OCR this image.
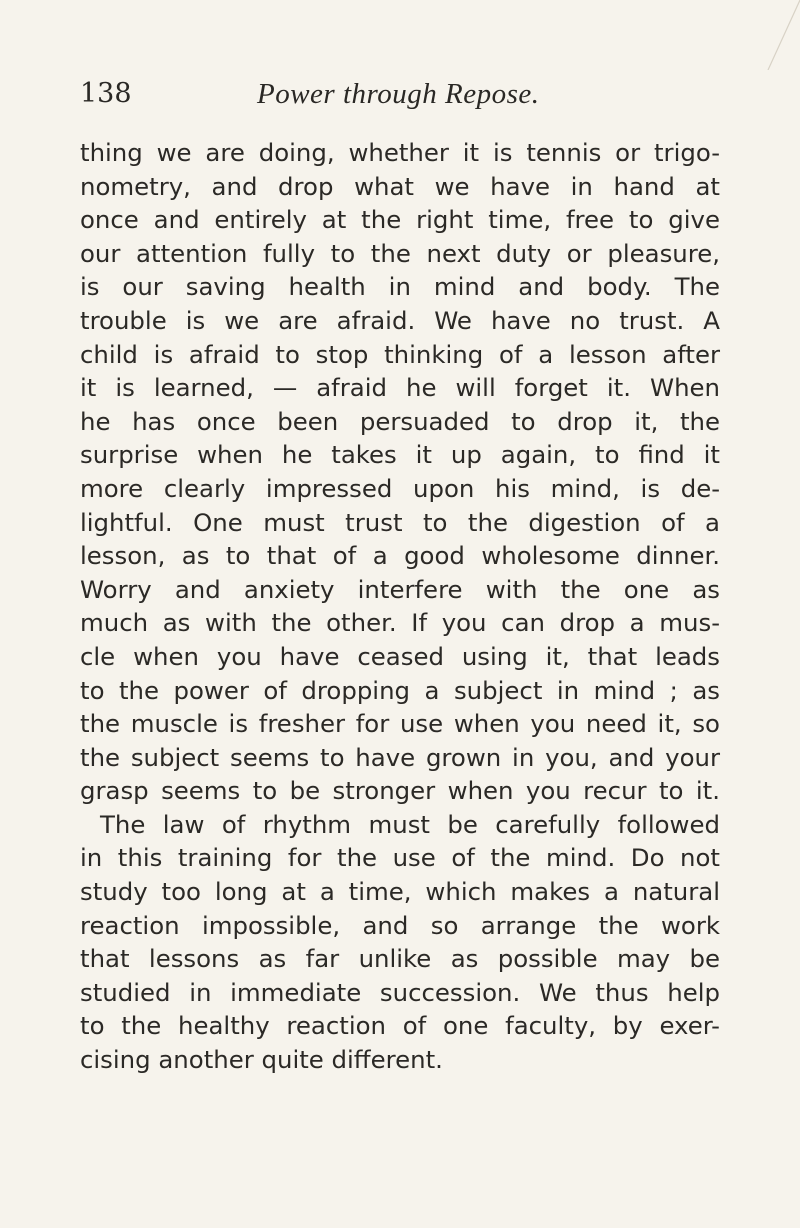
138	Power through Repose.
thing we are doing, whether it is tennis or trigo-
nometry, and drop what we have in hand at
once and entirely at the right time, free to give
our attention fully to the next duty or pleasure,
is our saving health in mind and body. The
trouble is we are afraid. We have no trust. A
child is afraid to stop thinking of a lesson after
it is learned, — afraid he will forget it. When
he has once been persuaded to drop it, the
surprise when he takes it up again, to find it
more clearly impressed upon his mind, is de-
lightful. One must trust to the digestion of a
lesson, as to that of a good wholesome dinner.
Worry and anxiety interfere with the one as
much as with the other. If you can drop a mus-
cle when you have ceased using it, that leads
to the power of dropping a subject in mind ; as
the muscle is fresher for use when you need it, so
the subject seems to have grown in you, and your
grasp seems to be stronger when you recur to it.
The law of rhythm must be carefully followed
in this training for the use of the mind. Do not
study too long at a time, which makes a natural
reaction impossible, and so arrange the work
that lessons as far unlike as possible may be
studied in immediate succession. We thus help
to the healthy reaction of one faculty, by exer-
cising another quite different.
